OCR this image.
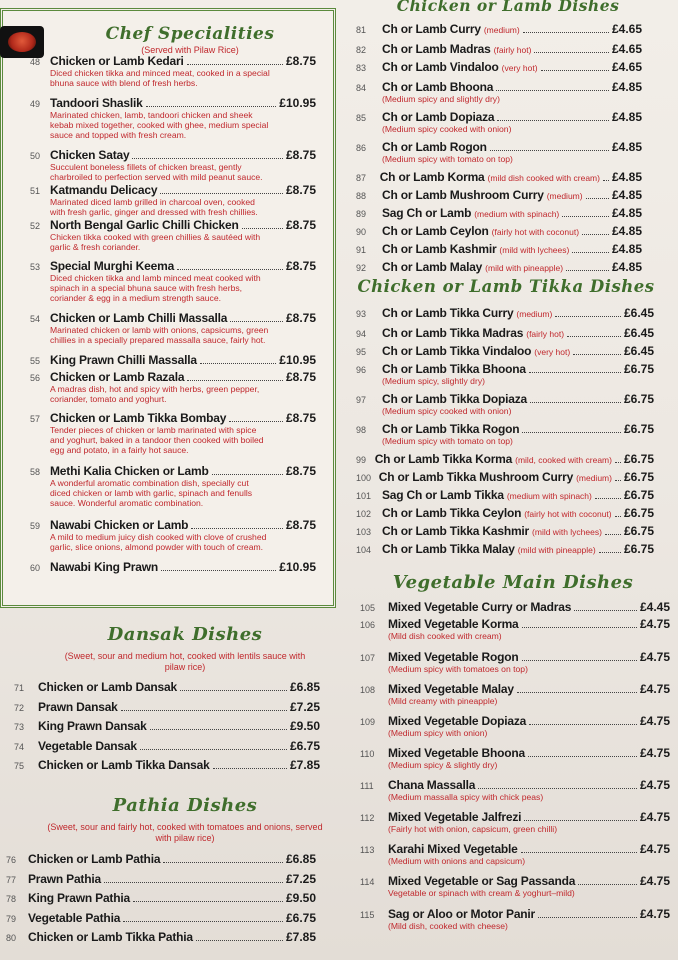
Chef Specialities
(Served with Pilaw Rice)
48 Chicken or Lamb Kedari	£8.75
Diced chicken tikka and minced meat, cooked in a special bhuna sauce with blend of fresh herbs.
49 Tandoori Shaslik	£10.95
Marinated chicken, lamb, tandoori chicken and sheek kebab mixed together, cooked with ghee, medium special sauce and topped with fresh cream.
50 Chicken Satay	£8.75
Succulent boneless fillets of chicken breast, gently charbroiled to perfection served with mild peanut sauce.
51 Katmandu Delicacy	£8.75
Marinated diced lamb grilled in charcoal oven, cooked with fresh garlic, ginger and dressed with fresh chillies.
52 North Bengal Garlic Chilli Chicken	£8.75
Chicken tikka cooked with green chillies & sautéed with garlic & fresh coriander.
53 Special Murghi Keema	£8.75
Diced chicken tikka and lamb minced meat cooked with spinach in a special bhuna sauce with fresh herbs, coriander & egg in a medium strength sauce.
54 Chicken or Lamb Chilli Massalla	£8.75
Marinated chicken or lamb with onions, capsicums, green chillies in a specially prepared massalla sauce, fairly hot.
55 King Prawn Chilli Massalla	£10.95
56 Chicken or Lamb Razala	£8.75
A madras dish, hot and spicy with herbs, green pepper, coriander, tomato and yoghurt.
57 Chicken or Lamb Tikka Bombay	£8.75
Tender pieces of chicken or lamb marinated with spice and yoghurt, baked in a tandoor then cooked with boiled egg and potato, in a fairly hot sauce.
58 Methi Kalia Chicken or Lamb	£8.75
A wonderful aromatic combination dish, specially cut diced chicken or lamb with garlic, spinach and fenulls sauce. Wonderful aromatic combination.
59 Nawabi Chicken or Lamb	£8.75
A mild to medium juicy dish cooked with clove of crushed garlic, slice onions, almond powder with touch of cream.
60 Nawabi King Prawn	£10.95
Dansak Dishes
(Sweet, sour and medium hot, cooked with lentils sauce with pilaw rice)
71	Chicken or Lamb Dansak	£6.85
72	Prawn Dansak	£7.25
73	King Prawn Dansak	£9.50
74	Vegetable Dansak	£6.75
75	Chicken or Lamb Tikka Dansak	£7.85
Pathia Dishes
(Sweet, sour and fairly hot, cooked with tomatoes and onions, served with pilaw rice)
76 Chicken or Lamb Pathia	£6.85
77 Prawn Pathia	£7.25
78 King Prawn Pathia	£9.50
79 Vegetable Pathia	£6.75
80 Chicken or Lamb Tikka Pathia	£7.85
Chicken or Lamb Dishes
81	Ch or Lamb Curry (medium)	£4.65
82	Ch or Lamb Madras (fairly hot)	£4.65
83	Ch or Lamb Vindaloo (very hot)	£4.65
84	Ch or Lamb Bhoona	£4.85
(Medium spicy and slightly dry)
85	Ch or Lamb Dopiaza	£4.85
(Medium spicy cooked with onion)
86	Ch or Lamb Rogon	£4.85
(Medium spicy with tomato on top)
87	Ch or Lamb Korma (mild dish cooked with cream) £4.85
88	Ch or Lamb Mushroom Curry (medium) £4.85
89	Sag Ch or Lamb (medium with spinach)	£4.85
90	Ch or Lamb Ceylon (fairly hot with coconut)	£4.85
91	Ch or Lamb Kashmir (mild with lychees)	£4.85
92	Ch or Lamb Malay (mild with pineapple)	£4.85
Chicken or Lamb Tikka Dishes
93	Ch or Lamb Tikka Curry (medium)	£6.45
94	Ch or Lamb Tikka Madras (fairly hot)	£6.45
95	Ch or Lamb Tikka Vindaloo (very hot)	£6.45
96	Ch or Lamb Tikka Bhoona	£6.75
(Medium spicy, slightly dry)
97	Ch or Lamb Tikka Dopiaza	£6.75
(Medium spicy cooked with onion)
98	Ch or Lamb Tikka Rogon	£6.75
(Medium spicy with tomato on top)
99 Ch or Lamb Tikka Korma (mild, cooked with cream) £6.75
100 Ch or Lamb Tikka Mushroom Curry (medium) £6.75
101 Sag Ch or Lamb Tikka (medium with spinach)	£6.75
102 Ch or Lamb Tikka Ceylon (fairly hot with coconut) £6.75
103 Ch or Lamb Tikka Kashmir (mild with lychees) £6.75
104 Ch or Lamb Tikka Malay (mild with pineapple) £6.75
Vegetable Main Dishes
105	Mixed Vegetable Curry or Madras	£4.45
106	Mixed Vegetable Korma	£4.75
(Mild dish cooked with cream)
107	Mixed Vegetable Rogon	£4.75
(Medium spicy with tomatoes on top)
108	Mixed Vegetable Malay	£4.75
(Mild creamy with pineapple)
109	Mixed Vegetable Dopiaza	£4.75
(Medium spicy with onion)
110	Mixed Vegetable Bhoona	£4.75
(Medium spicy & slightly dry)
111	Chana Massalla	£4.75
(Medium massalla spicy with chick peas)
112	Mixed Vegetable Jalfrezi	£4.75
(Fairly hot with onion, capsicum, green chilli)
113	Karahi Mixed Vegetable	£4.75
(Medium with onions and capsicum)
114	Mixed Vegetable or Sag Passanda	£4.75
Vegetable or spinach with cream & yoghurt–mild)
115	Sag or Aloo or Motor Panir	£4.75
(Mild dish, cooked with cheese)
